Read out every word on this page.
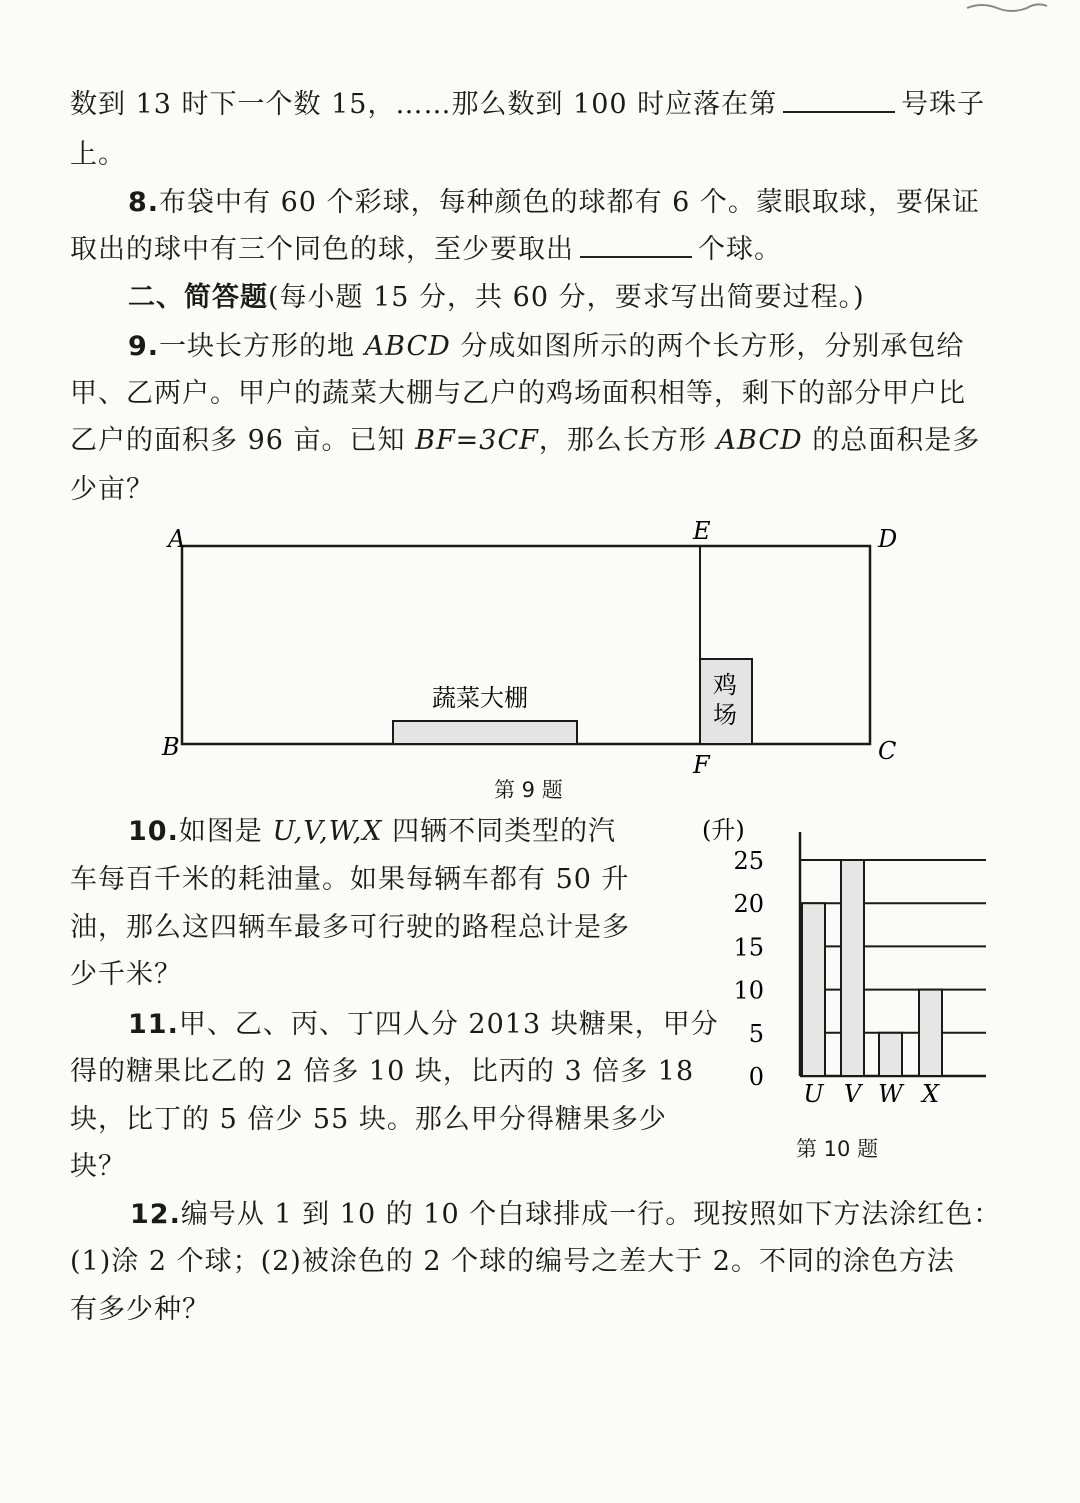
数到 13 时下一个数 15，……那么数到 100 时应落在第	号珠子
上。
8.布袋中有 60 个彩球，每种颜色的球都有 6 个。蒙眼取球，要保证
取出的球中有三个同色的球，至少要取出	个球。
二、简答题(每小题 15 分，共 60 分，要求写出简要过程。)
9.一块长方形的地 ABCD 分成如图所示的两个长方形，分别承包给
甲、乙两户。甲户的蔬菜大棚与乙户的鸡场面积相等，剩下的部分甲户比
乙户的面积多 96 亩。已知 BF=3CF，那么长方形 ABCD 的总面积是多
少亩？
A
B	C
D
E
F
蔬菜大棚	鸡
场
第 9 题
10.如图是 U,V,W,X 四辆不同类型的汽
车每百千米的耗油量。如果每辆车都有 50 升
油，那么这四辆车最多可行驶的路程总计是多
少千米？
(升)
0
5
10
15
20
25
U V W X
第 10 题
11.甲、乙、丙、丁四人分 2013 块糖果，甲分
得的糖果比乙的 2 倍多 10 块，比丙的 3 倍多 18
块，比丁的 5 倍少 55 块。那么甲分得糖果多少
块？
12.编号从 1 到 10 的 10 个白球排成一行。现按照如下方法涂红色：
(1)涂 2 个球；(2)被涂色的 2 个球的编号之差大于 2。不同的涂色方法
有多少种？
